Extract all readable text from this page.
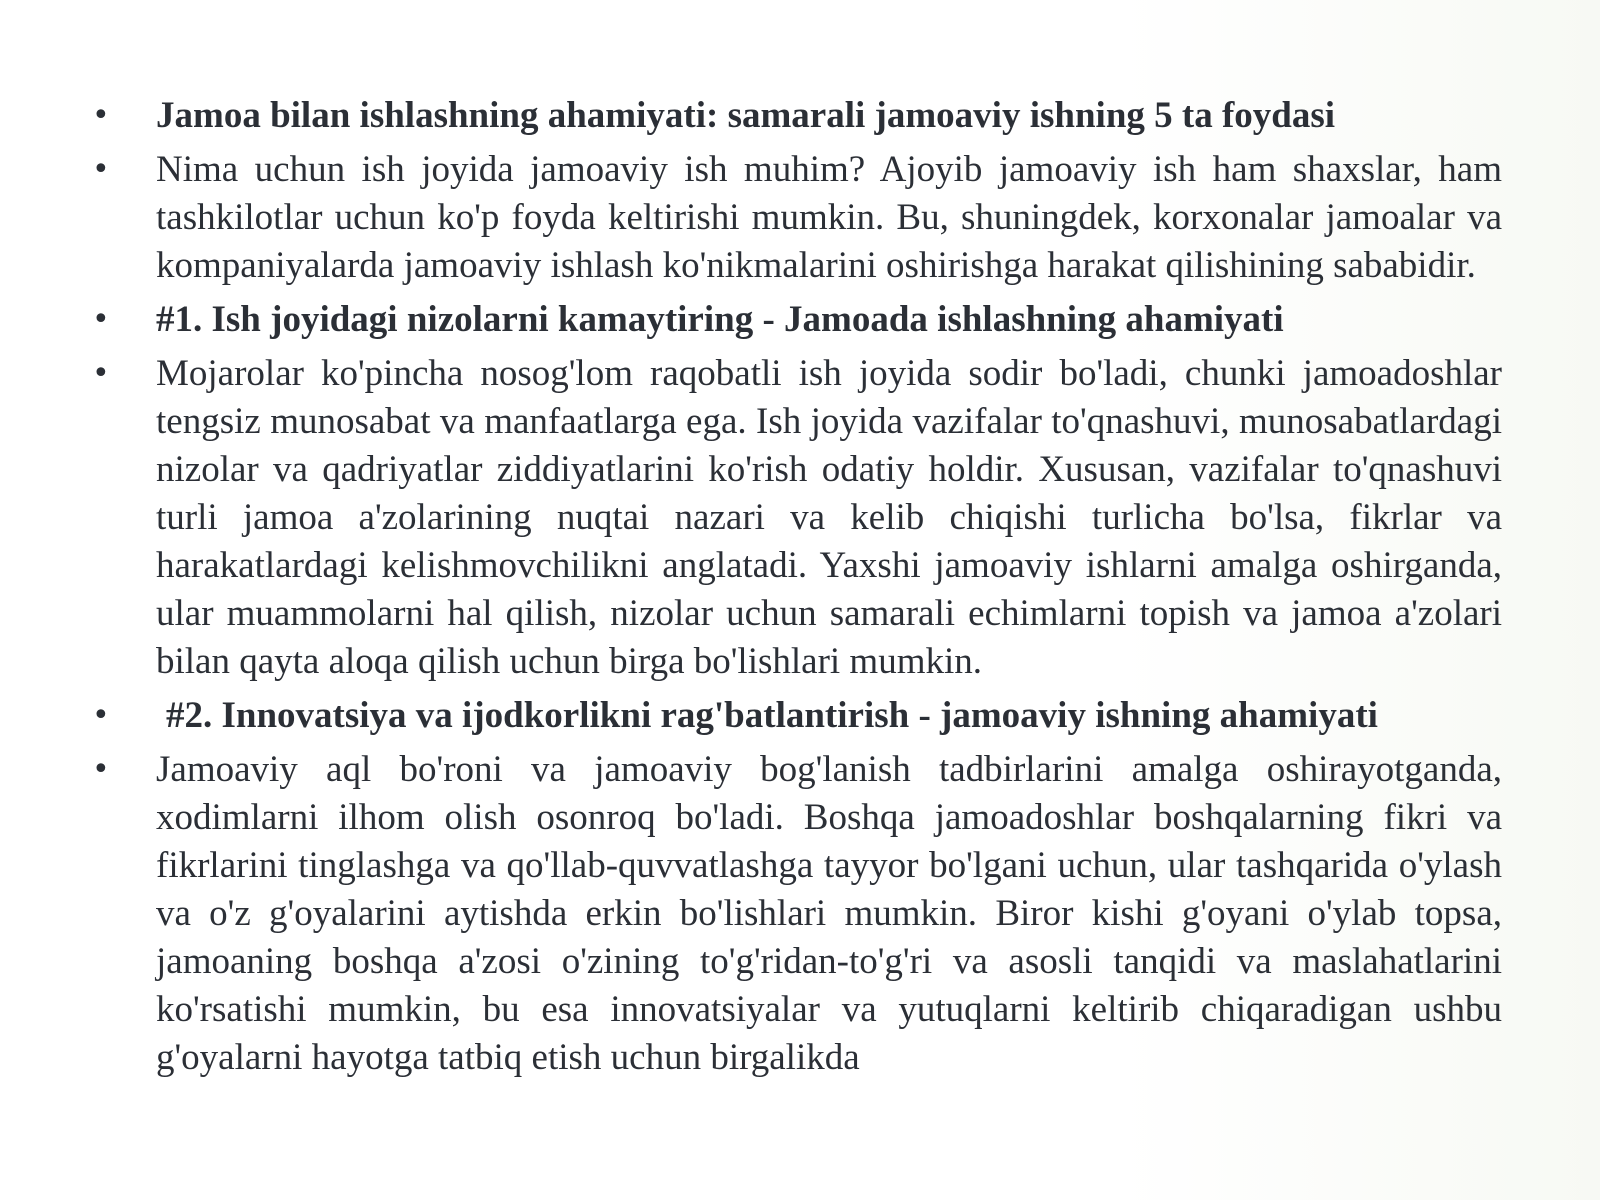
• Jamoa bilan ishlashning ahamiyati: samarali jamoaviy ishning 5 ta foydasi
• Nima uchun ish joyida jamoaviy ish muhim? Ajoyib jamoaviy ish ham shaxslar, ham tashkilotlar uchun ko'p foyda keltirishi mumkin. Bu, shuningdek, korxonalar jamoalar va kompaniyalarda jamoaviy ishlash ko'nikmalarini oshirishga harakat qilishining sababidir.
• #1. Ish joyidagi nizolarni kamaytiring - Jamoada ishlashning ahamiyati
• Mojarolar ko'pincha nosog'lom raqobatli ish joyida sodir bo'ladi, chunki jamoadoshlar tengsiz munosabat va manfaatlarga ega. Ish joyida vazifalar to'qnashuvi, munosabatlardagi nizolar va qadriyatlar ziddiyatlarini ko'rish odatiy holdir. Xususan, vazifalar to'qnashuvi turli jamoa a'zolarining nuqtai nazari va kelib chiqishi turlicha bo'lsa, fikrlar va harakatlardagi kelishmovchilikni anglatadi. Yaxshi jamoaviy ishlarni amalga oshirganda, ular muammolarni hal qilish, nizolar uchun samarali echimlarni topish va jamoa a'zolari bilan qayta aloqa qilish uchun birga bo'lishlari mumkin.
• #2. Innovatsiya va ijodkorlikni rag'batlantirish - jamoaviy ishning ahamiyati
• Jamoaviy aql bo'roni va jamoaviy bog'lanish tadbirlarini amalga oshirayotganda, xodimlarni ilhom olish osonroq bo'ladi. Boshqa jamoadoshlar boshqalarning fikri va fikrlarini tinglashga va qo'llab-quvvatlashga tayyor bo'lgani uchun, ular tashqarida o'ylash va o'z g'oyalarini aytishda erkin bo'lishlari mumkin. Biror kishi g'oyani o'ylab topsa, jamoaning boshqa a'zosi o'zining to'g'ridan-to'g'ri va asosli tanqidi va maslahatlarini ko'rsatishi mumkin, bu esa innovatsiyalar va yutuqlarni keltirib chiqaradigan ushbu g'oyalarni hayotga tatbiq etish uchun birgalikda
